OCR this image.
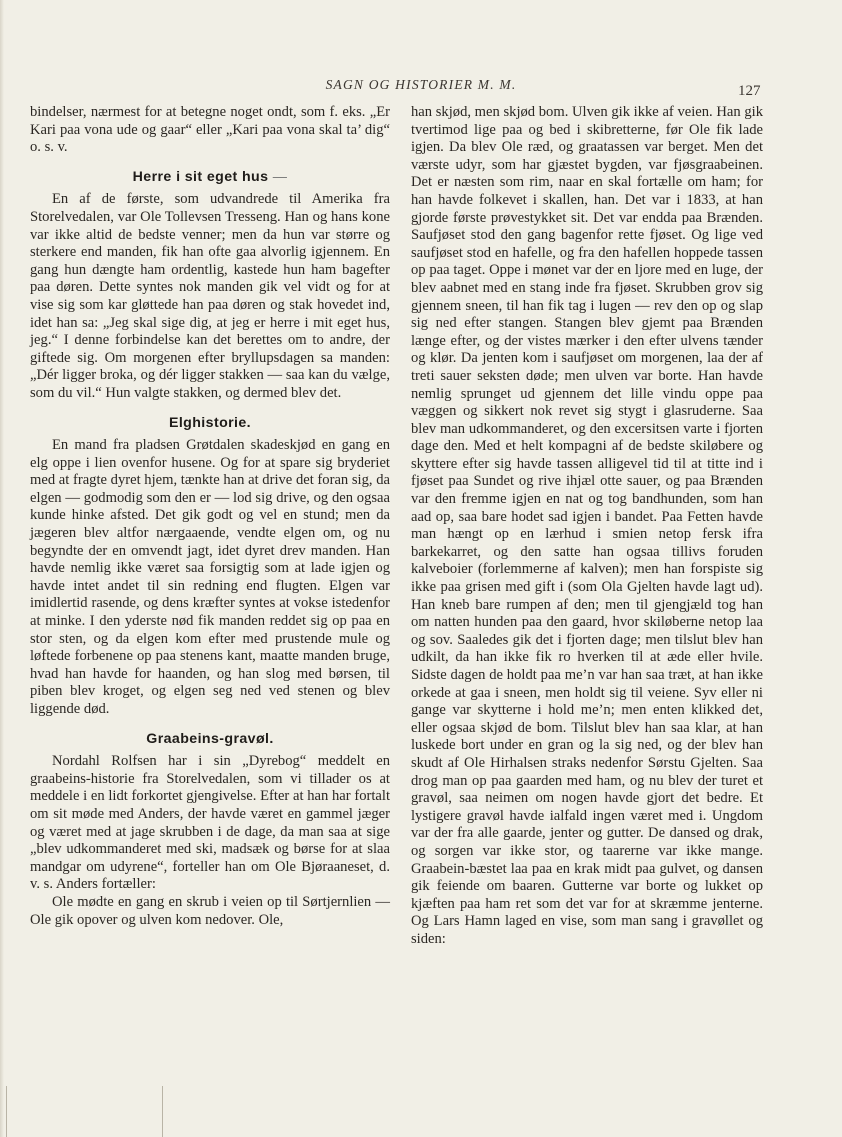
SAGN OG HISTORIER M. M.	127

bindelser, nærmest for at betegne noget ondt, som f. eks. „Er Kari paa vona ude og gaar“ eller „Kari paa vona skal ta’ dig“ o. s. v.

Herre i sit eget hus —

En af de første, som udvandrede til Amerika fra Storelvedalen, var Ole Tollevsen Tresseng. Han og hans kone var ikke altid de bedste venner; men da hun var større og sterkere end manden, fik han ofte gaa alvorlig igjennem. En gang hun dængte ham ordentlig, kastede hun ham bagefter paa døren. Dette syntes nok manden gik vel vidt og for at vise sig som kar gløttede han paa døren og stak hovedet ind, idet han sa: „Jeg skal sige dig, at jeg er herre i mit eget hus, jeg.“ I denne forbindelse kan det berettes om to andre, der giftede sig. Om morgenen efter bryllupsdagen sa manden: „Dér ligger broka, og dér ligger stakken — saa kan du vælge, som du vil.“ Hun valgte stakken, og dermed blev det.

Elghistorie.

En mand fra pladsen Grøtdalen skadeskjød en gang en elg oppe i lien ovenfor husene. Og for at spare sig bryderiet med at fragte dyret hjem, tænkte han at drive det foran sig, da elgen — godmodig som den er — lod sig drive, og den ogsaa kunde hinke afsted. Det gik godt og vel en stund; men da jægeren blev altfor nærgaaende, vendte elgen om, og nu begyndte der en omvendt jagt, idet dyret drev manden. Han havde nemlig ikke været saa forsigtig som at lade igjen og havde intet andet til sin redning end flugten. Elgen var imidlertid rasende, og dens kræfter syntes at vokse istedenfor at minke. I den yderste nød fik manden reddet sig op paa en stor sten, og da elgen kom efter med prustende mule og løftede forbenene op paa stenens kant, maatte manden bruge, hvad han havde for haanden, og han slog med børsen, til piben blev kroget, og elgen seg ned ved stenen og blev liggende død.

Graabeins-gravøl.

Nordahl Rolfsen har i sin „Dyrebog“ meddelt en graabeins-historie fra Storelvedalen, som vi tillader os at meddele i en lidt forkortet gjengivelse. Efter at han har fortalt om sit møde med Anders, der havde været en gammel jæger og været med at jage skrubben i de dage, da man saa at sige „blev udkommanderet med ski, madsæk og børse for at slaa mandgar om udyrene“, forteller han om Ole Bjøraaneset, d. v. s. Anders fortæller:

Ole mødte en gang en skrub i veien op til Sørtjernlien — Ole gik opover og ulven kom nedover. Ole,

han skjød, men skjød bom. Ulven gik ikke af veien. Han gik tvertimod lige paa og bed i skibretterne, før Ole fik lade igjen. Da blev Ole ræd, og graatassen var berget. Men det værste udyr, som har gjæstet bygden, var fjøsgraabeinen. Det er næsten som rim, naar en skal fortælle om ham; for han havde folkevet i skallen, han. Det var i 1833, at han gjorde første prøvestykket sit. Det var endda paa Brænden. Saufjøset stod den gang bagenfor rette fjøset. Og lige ved saufjøset stod en hafelle, og fra den hafellen hoppede tassen op paa taget. Oppe i mønet var der en ljore med en luge, der blev aabnet med en stang inde fra fjøset. Skrubben grov sig gjennem sneen, til han fik tag i lugen — rev den op og slap sig ned efter stangen. Stangen blev gjemt paa Brænden længe efter, og der vistes mærker i den efter ulvens tænder og klør. Da jenten kom i saufjøset om morgenen, laa der af treti sauer seksten døde; men ulven var borte. Han havde nemlig sprunget ud gjennem det lille vindu oppe paa væggen og sikkert nok revet sig stygt i glasruderne. Saa blev man udkommanderet, og den excersitsen varte i fjorten dage den. Med et helt kompagni af de bedste skiløbere og skyttere efter sig havde tassen alligevel tid til at titte ind i fjøset paa Sundet og rive ihjæl otte sauer, og paa Brænden var den fremme igjen en nat og tog bandhunden, som han aad op, saa bare hodet sad igjen i bandet. Paa Fetten havde man hængt op en lærhud i smien netop fersk ifra barkekarret, og den satte han ogsaa tillivs foruden kalveboier (forlemmerne af kalven); men han forspiste sig ikke paa grisen med gift i (som Ola Gjelten havde lagt ud). Han kneb bare rumpen af den; men til gjengjæld tog han om natten hunden paa den gaard, hvor skiløberne netop laa og sov. Saaledes gik det i fjorten dage; men tilslut blev han udkilt, da han ikke fik ro hverken til at æde eller hvile. Sidste dagen de holdt paa me’n var han saa træt, at han ikke orkede at gaa i sneen, men holdt sig til veiene. Syv eller ni gange var skytterne i hold me’n; men enten klikked det, eller ogsaa skjød de bom. Tilslut blev han saa klar, at han luskede bort under en gran og la sig ned, og der blev han skudt af Ole Hirhalsen straks nedenfor Sørstu Gjelten. Saa drog man op paa gaarden med ham, og nu blev der turet et gravøl, saa neimen om nogen havde gjort det bedre. Et lystigere gravøl havde ialfald ingen været med i. Ungdom var der fra alle gaarde, jenter og gutter. De dansed og drak, og sorgen var ikke stor, og taarerne var ikke mange. Graabein-bæstet laa paa en krak midt paa gulvet, og dansen gik feiende om baaren. Gutterne var borte og lukket op kjæften paa ham ret som det var for at skræmme jenterne. Og Lars Hamn laged en vise, som man sang i gravøllet og siden:
